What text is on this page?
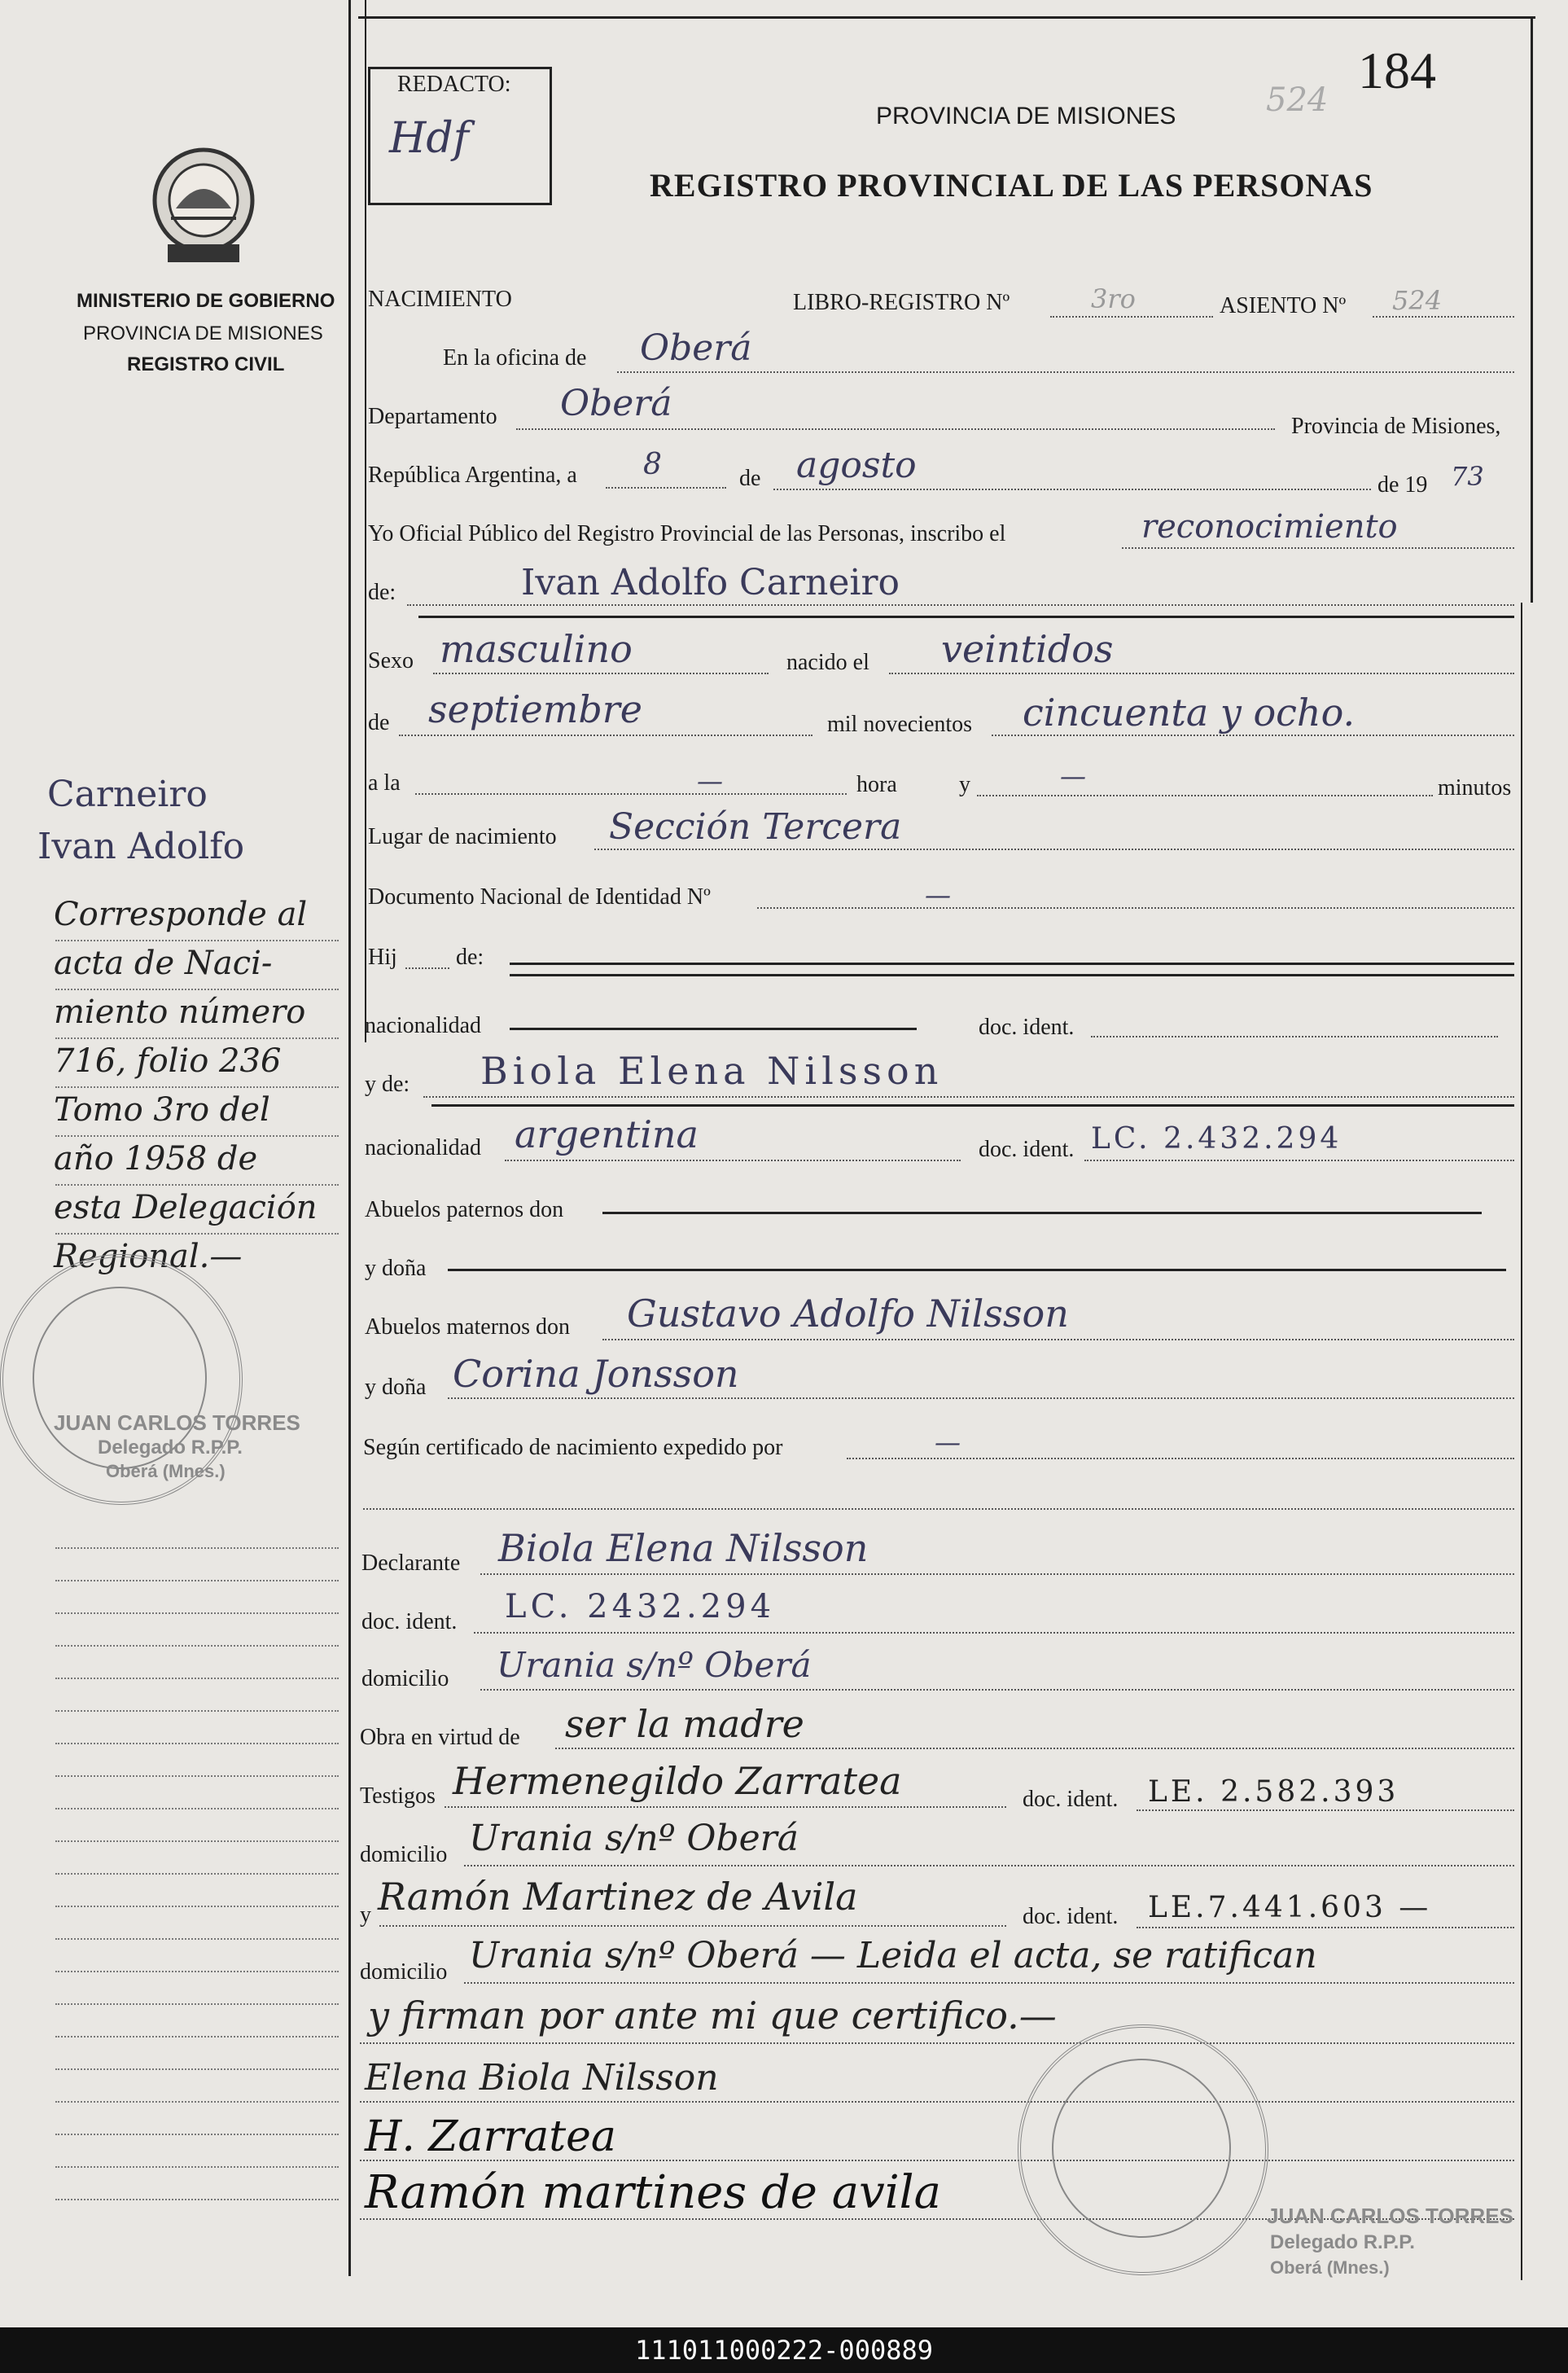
184
524
REDACTO:
Hdf	PROVINCIA DE MISIONES
REGISTRO PROVINCIAL DE LAS PERSONAS
MINISTERIO DE GOBIERNO
PROVINCIA DE MISIONES
REGISTRO CIVIL
NACIMIENTO	LIBRO-REGISTRO Nº	3ro	ASIENTO Nº 524
En la oficina de Oberá
Departamento Oberá
Provincia de Misiones,
República Argentina, a 8	de agosto	de 19 73
Yo Oficial Público del Registro Provincial de las Personas, inscribo el	reconocimiento
de:	Ivan Adolfo Carneiro
Sexo masculino	nacido el veintidos
de septiembre	mil novecientos cincuenta y ocho.
a la	—	hora	y	—	minutos
Lugar de nacimiento Sección Tercera
Documento Nacional de Identidad Nº	—
Hij	de:
nacionalidad	doc. ident.
y de: Biola Elena Nilsson
nacionalidad argentina	doc. ident. LC. 2.432.294
Abuelos paternos don
y doña
Abuelos maternos don Gustavo Adolfo Nilsson
y doña Corina Jonsson
Según certificado de nacimiento expedido por	—
Declarante Biola Elena Nilsson
doc. ident. LC. 2432.294
domicilio Urania s/nº Oberá
Obra en virtud de ser la madre
Testigos Hermenegildo Zarratea	doc. ident. LE. 2.582.393
domicilio Urania s/nº Oberá
y Ramón Martinez de Avila	doc. ident. LE.7.441.603 —
domicilio Urania s/nº Oberá — Leida el acta, se ratifican
y firman por ante mi que certifico.—
Elena Biola Nilsson
H. Zarratea
Ramón martines de avila	JUAN CARLOS TORRES
Delegado R.P.P.
Oberá (Mnes.)
Carneiro
Ivan Adolfo
Corresponde al
acta de Naci-
miento número
716, folio 236
Tomo 3ro del
año 1958 de
esta Delegación
Regional.—
JUAN CARLOS TORRES
Delegado R.P.P.
Oberá (Mnes.)
111011000222-000889
